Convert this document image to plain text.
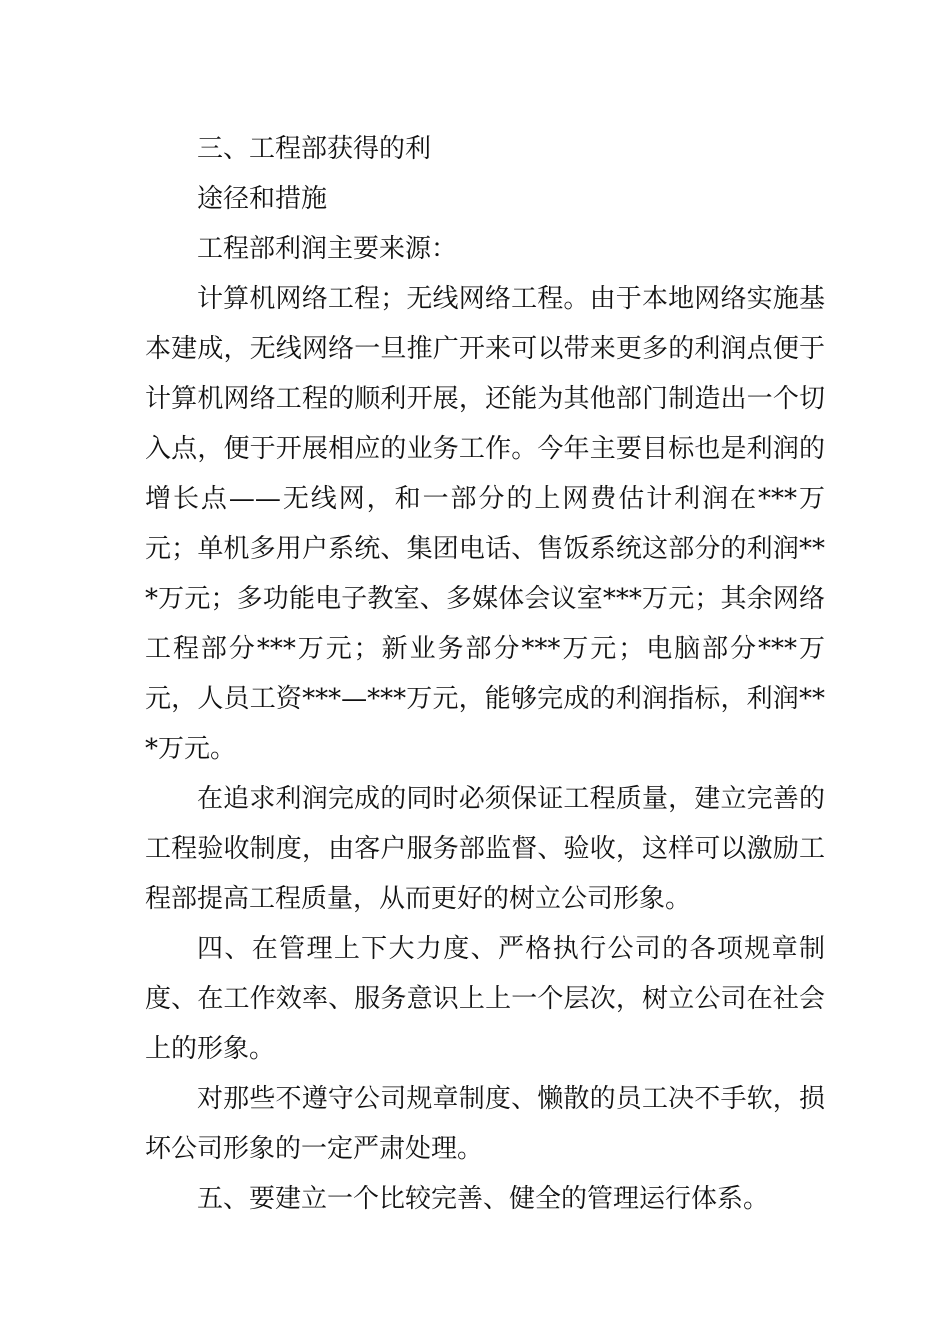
三、工程部获得的利

途径和措施

工程部利润主要来源：

计算机网络工程；无线网络工程。由于本地网络实施基本建成，无线网络一旦推广开来可以带来更多的利润点便于计算机网络工程的顺利开展，还能为其他部门制造出一个切入点，便于开展相应的业务工作。今年主要目标也是利润的增长点——无线网，和一部分的上网费估计利润在***万元；单机多用户系统、集团电话、售饭系统这部分的利润***万元；多功能电子教室、多媒体会议室***万元；其余网络工程部分***万元；新业务部分***万元；电脑部分***万元，人员工资***—***万元，能够完成的利润指标，利润***万元。

在追求利润完成的同时必须保证工程质量，建立完善的工程验收制度，由客户服务部监督、验收，这样可以激励工程部提高工程质量，从而更好的树立公司形象。

四、在管理上下大力度、严格执行公司的各项规章制度、在工作效率、服务意识上上一个层次，树立公司在社会上的形象。

对那些不遵守公司规章制度、懒散的员工决不手软，损坏公司形象的一定严肃处理。

五、要建立一个比较完善、健全的管理运行体系。
